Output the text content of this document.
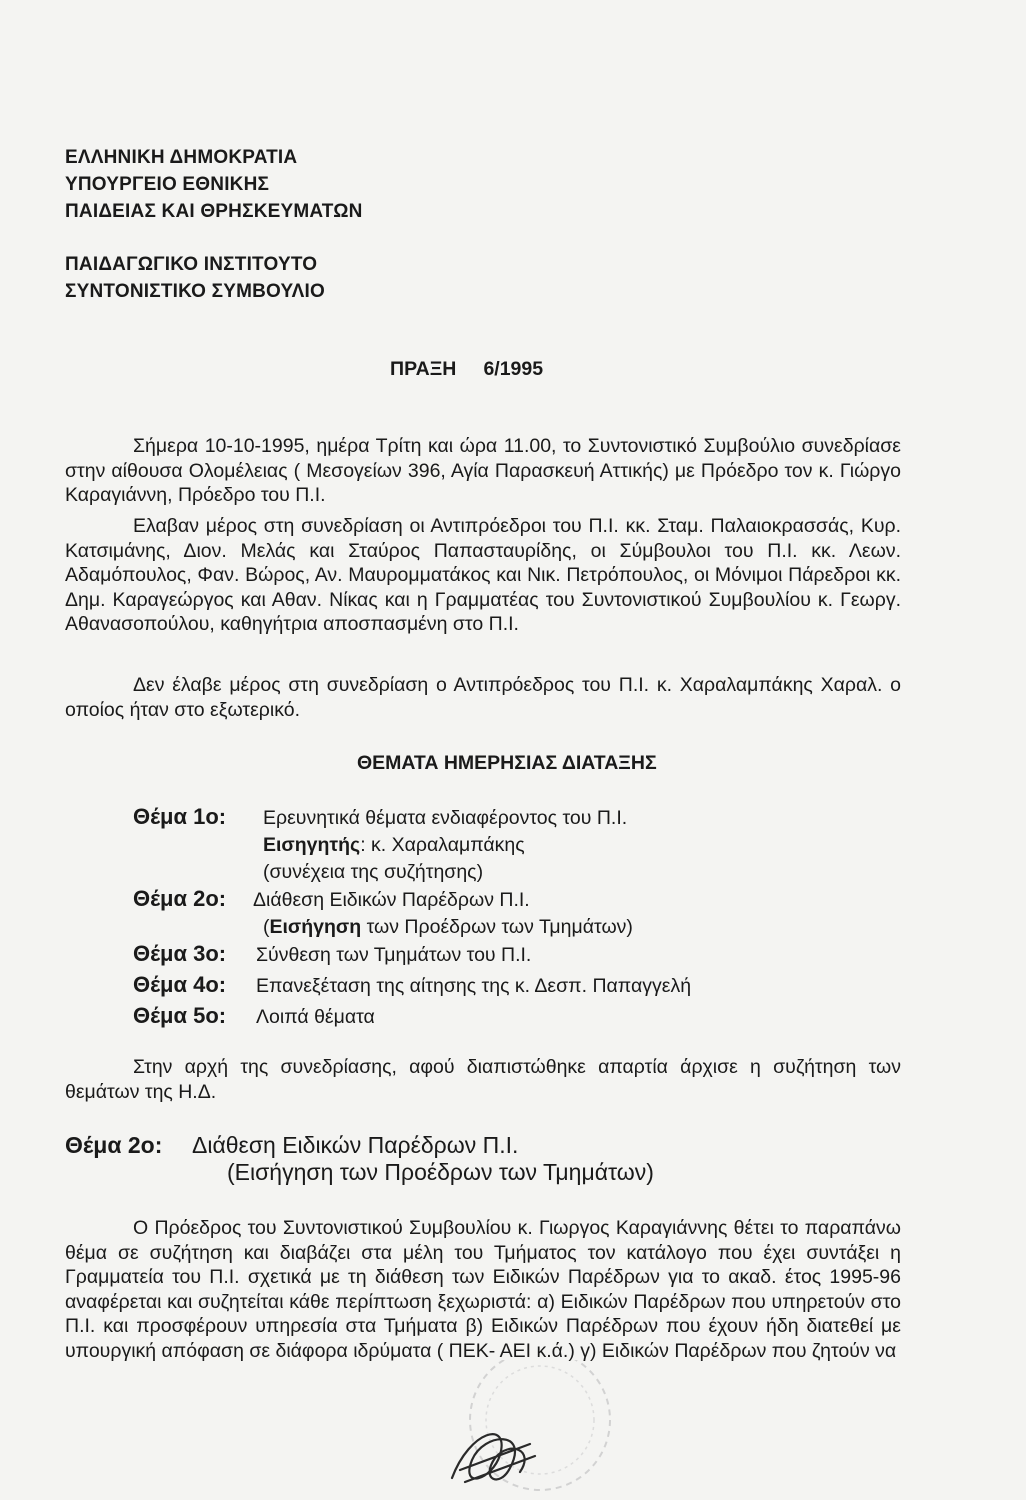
ΕΛΛΗΝΙΚΗ ΔΗΜΟΚΡΑΤΙΑ
ΥΠΟΥΡΓΕΙΟ ΕΘΝΙΚΗΣ
ΠΑΙΔΕΙΑΣ ΚΑΙ ΘΡΗΣΚΕΥΜΑΤΩΝ
ΠΑΙΔΑΓΩΓΙΚΟ ΙΝΣΤΙΤΟΥΤΟ
ΣΥΝΤΟΝΙΣΤΙΚΟ ΣΥΜΒΟΥΛΙΟ
ΠΡΑΞΗ     6/1995
Σήμερα 10-10-1995, ημέρα Τρίτη και ώρα 11.00, το Συντονιστικό Συμβούλιο συνεδρίασε στην αίθουσα Ολομέλειας ( Μεσογείων 396, Αγία Παρασκευή Αττικής) με Πρόεδρο τον κ. Γιώργο Καραγιάννη, Πρόεδρο του Π.Ι.
Ελαβαν μέρος στη συνεδρίαση οι Αντιπρόεδροι του Π.Ι. κκ. Σταμ. Παλαιοκρασσάς, Κυρ. Κατσιμάνης, Διον. Μελάς και Σταύρος Παπασταυρίδης, οι Σύμβουλοι του Π.Ι. κκ. Λεων. Αδαμόπουλος, Φαν. Βώρος, Αν. Μαυρομματάκος και Νικ. Πετρόπουλος, οι Μόνιμοι Πάρεδροι κκ. Δημ. Καραγεώργος και Αθαν. Νίκας και η Γραμματέας του Συντονιστικού Συμβουλίου κ. Γεωργ. Αθανασοπούλου, καθηγήτρια αποσπασμένη στο Π.Ι.
Δεν έλαβε μέρος στη συνεδρίαση ο Αντιπρόεδρος του Π.Ι. κ. Χαραλαμπάκης Χαραλ. ο οποίος ήταν στο εξωτερικό.
ΘΕΜΑΤΑ ΗΜΕΡΗΣΙΑΣ ΔΙΑΤΑΞΗΣ
Θέμα 1ο: Ερευνητικά θέματα ενδιαφέροντος του Π.Ι.
Εισηγητής: κ. Χαραλαμπάκης
(συνέχεια της συζήτησης)
Θέμα 2ο: Διάθεση Ειδικών Παρέδρων Π.Ι.
(Εισήγηση των Προέδρων των Τμημάτων)
Θέμα 3ο: Σύνθεση των Τμημάτων του Π.Ι.
Θέμα 4ο: Επανεξέταση της αίτησης της κ. Δεσπ. Παπαγγελή
Θέμα 5ο: Λοιπά θέματα
Στην αρχή της συνεδρίασης, αφού διαπιστώθηκε απαρτία άρχισε η συζήτηση των θεμάτων της Η.Δ.
Θέμα 2ο: Διάθεση Ειδικών Παρέδρων Π.Ι.
(Εισήγηση των Προέδρων των Τμημάτων)
Ο Πρόεδρος του Συντονιστικού Συμβουλίου κ. Γιωργος Καραγιάννης θέτει το παραπάνω θέμα σε συζήτηση και διαβάζει στα μέλη του Τμήματος τον κατάλογο που έχει συντάξει η Γραμματεία του Π.Ι. σχετικά με τη διάθεση των Ειδικών Παρέδρων για το ακαδ. έτος 1995-96 αναφέρεται και συζητείται κάθε περίπτωση ξεχωριστά: α) Ειδικών Παρέδρων που υπηρετούν στο Π.Ι. και προσφέρουν υπηρεσία στα Τμήματα β) Ειδικών Παρέδρων που έχουν ήδη διατεθεί με υπουργική απόφαση σε διάφορα ιδρύματα ( ΠΕΚ- ΑΕΙ κ.ά.) γ) Ειδικών Παρέδρων που ζητούν να
